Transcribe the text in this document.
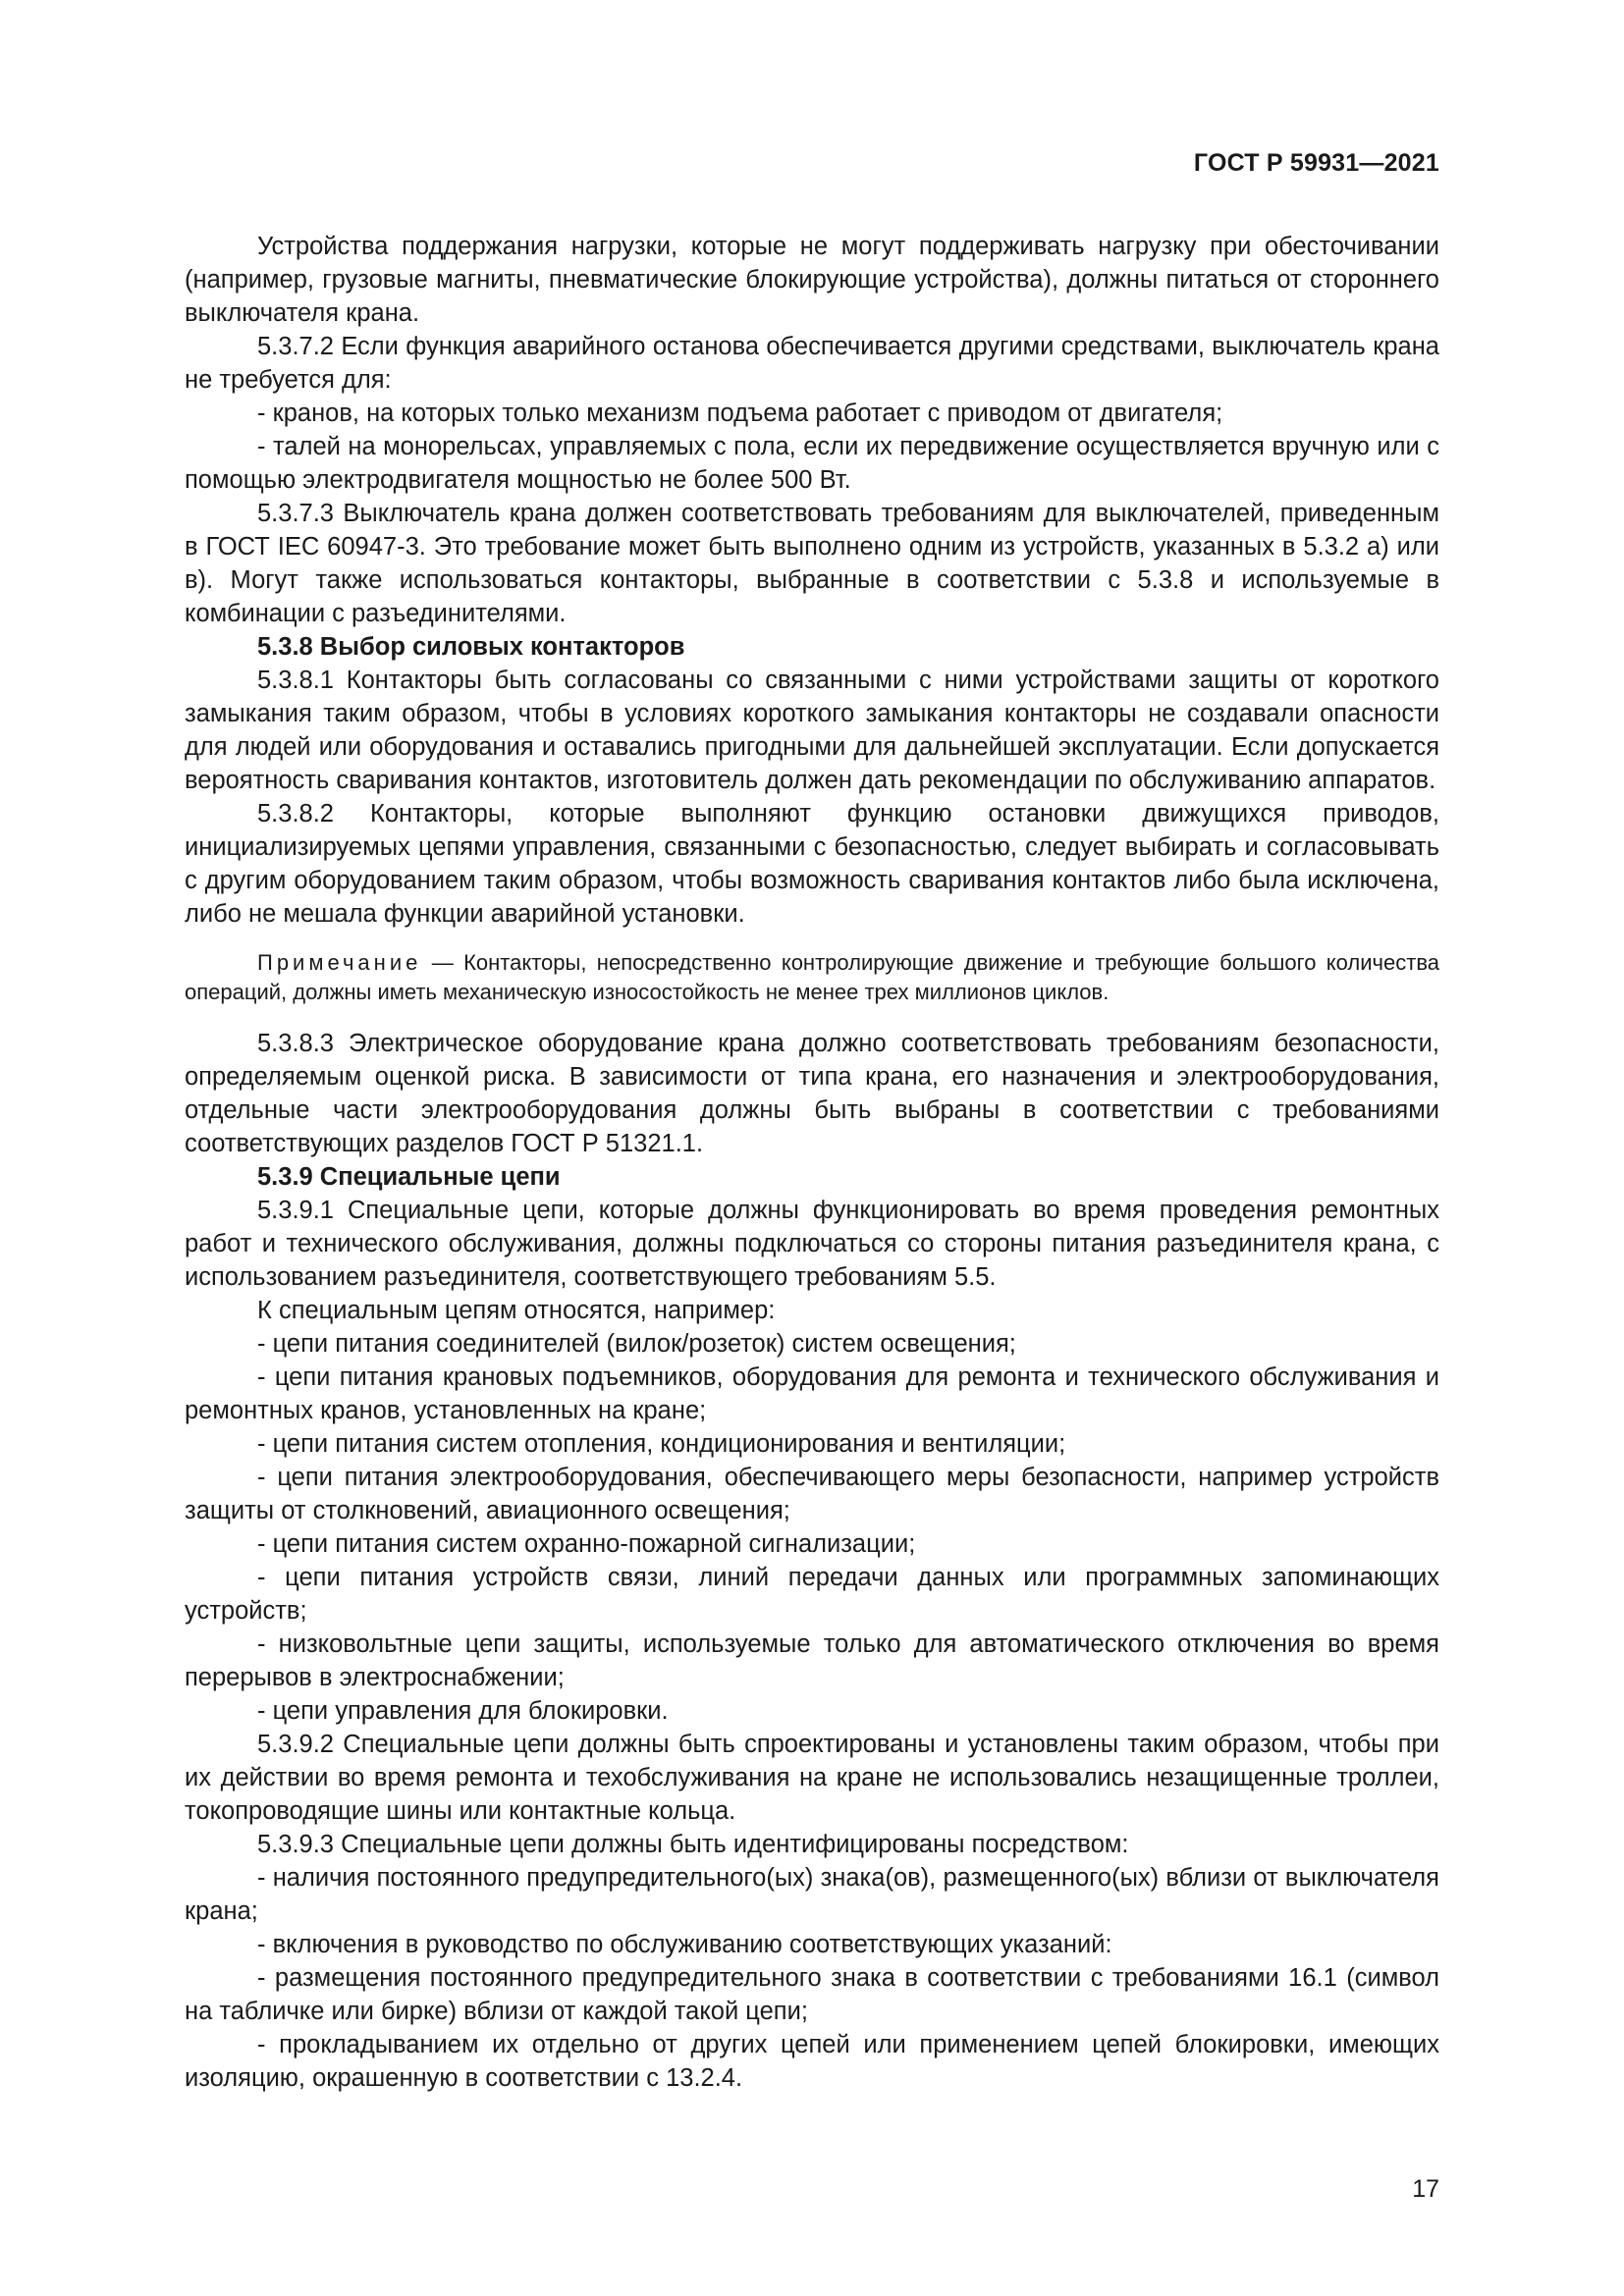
ГОСТ Р 59931—2021

Устройства поддержания нагрузки, которые не могут поддерживать нагрузку при обесточивании (например, грузовые магниты, пневматические блокирующие устройства), должны питаться от стороннего выключателя крана.

5.3.7.2 Если функция аварийного останова обеспечивается другими средствами, выключатель крана не требуется для:

- кранов, на которых только механизм подъема работает с приводом от двигателя;

- талей на монорельсах, управляемых с пола, если их передвижение осуществляется вручную или с помощью электродвигателя мощностью не более 500 Вт.

5.3.7.3 Выключатель крана должен соответствовать требованиям для выключателей, приведенным в ГОСТ IEC 60947-3. Это требование может быть выполнено одним из устройств, указанных в 5.3.2 а) или в). Могут также использоваться контакторы, выбранные в соответствии с 5.3.8 и используемые в комбинации с разъединителями.

5.3.8 Выбор силовых контакторов

5.3.8.1 Контакторы быть согласованы со связанными с ними устройствами защиты от короткого замыкания таким образом, чтобы в условиях короткого замыкания контакторы не создавали опасности для людей или оборудования и оставались пригодными для дальнейшей эксплуатации. Если допускается вероятность сваривания контактов, изготовитель должен дать рекомендации по обслуживанию аппаратов.

5.3.8.2 Контакторы, которые выполняют функцию остановки движущихся приводов, инициализируемых цепями управления, связанными с безопасностью, следует выбирать и согласовывать с другим оборудованием таким образом, чтобы возможность сваривания контактов либо была исключена, либо не мешала функции аварийной установки.

Примечание — Контакторы, непосредственно контролирующие движение и требующие большого количества операций, должны иметь механическую износостойкость не менее трех миллионов циклов.

5.3.8.3 Электрическое оборудование крана должно соответствовать требованиям безопасности, определяемым оценкой риска. В зависимости от типа крана, его назначения и электрооборудования, отдельные части электрооборудования должны быть выбраны в соответствии с требованиями соответствующих разделов ГОСТ Р 51321.1.

5.3.9 Специальные цепи

5.3.9.1 Специальные цепи, которые должны функционировать во время проведения ремонтных работ и технического обслуживания, должны подключаться со стороны питания разъединителя крана, с использованием разъединителя, соответствующего требованиям 5.5.

К специальным цепям относятся, например:

- цепи питания соединителей (вилок/розеток) систем освещения;

- цепи питания крановых подъемников, оборудования для ремонта и технического обслуживания и ремонтных кранов, установленных на кране;

- цепи питания систем отопления, кондиционирования и вентиляции;

- цепи питания электрооборудования, обеспечивающего меры безопасности, например устройств защиты от столкновений, авиационного освещения;

- цепи питания систем охранно-пожарной сигнализации;

- цепи питания устройств связи, линий передачи данных или программных запоминающих устройств;

- низковольтные цепи защиты, используемые только для автоматического отключения во время перерывов в электроснабжении;

- цепи управления для блокировки.

5.3.9.2 Специальные цепи должны быть спроектированы и установлены таким образом, чтобы при их действии во время ремонта и техобслуживания на кране не использовались незащищенные троллеи, токопроводящие шины или контактные кольца.

5.3.9.3 Специальные цепи должны быть идентифицированы посредством:

- наличия постоянного предупредительного(ых) знака(ов), размещенного(ых) вблизи от выключателя крана;

- включения в руководство по обслуживанию соответствующих указаний:

- размещения постоянного предупредительного знака в соответствии с требованиями 16.1 (символ на табличке или бирке) вблизи от каждой такой цепи;

- прокладыванием их отдельно от других цепей или применением цепей блокировки, имеющих изоляцию, окрашенную в соответствии с 13.2.4.

17
